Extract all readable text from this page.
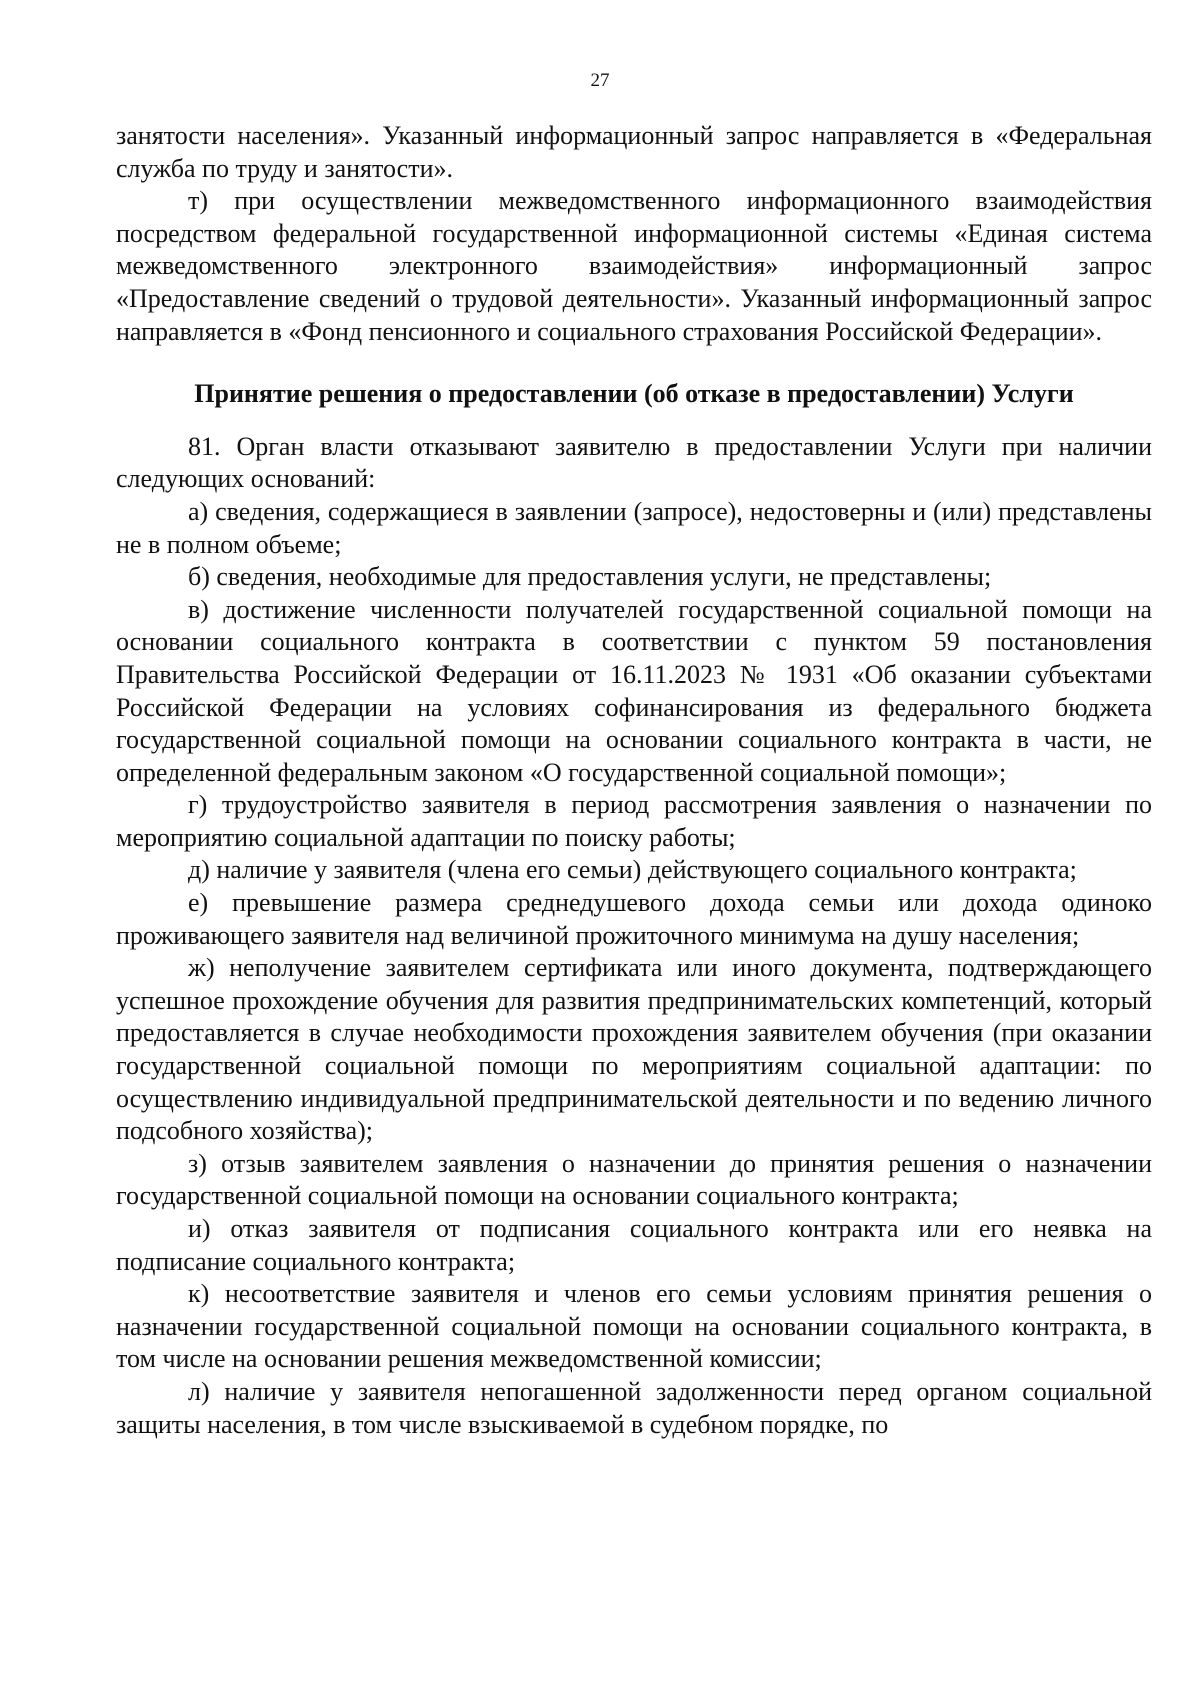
27

занятости населения». Указанный информационный запрос направляется в «Федеральная служба по труду и занятости».

т) при осуществлении межведомственного информационного взаимодействия посредством федеральной государственной информационной системы «Единая система межведомственного электронного взаимодействия» информационный запрос «Предоставление сведений о трудовой деятельности». Указанный информационный запрос направляется в «Фонд пенсионного и социального страхования Российской Федерации».

Принятие решения о предоставлении (об отказе в предоставлении) Услуги

81. Орган власти отказывают заявителю в предоставлении Услуги при наличии следующих оснований:

а) сведения, содержащиеся в заявлении (запросе), недостоверны и (или) представлены не в полном объеме;

б) сведения, необходимые для предоставления услуги, не представлены;

в) достижение численности получателей государственной социальной помощи на основании социального контракта в соответствии с пунктом 59 постановления Правительства Российской Федерации от 16.11.2023 № 1931 «Об оказании субъектами Российской Федерации на условиях софинансирования из федерального бюджета государственной социальной помощи на основании социального контракта в части, не определенной федеральным законом «О государственной социальной помощи»;

г) трудоустройство заявителя в период рассмотрения заявления о назначении по мероприятию социальной адаптации по поиску работы;

д) наличие у заявителя (члена его семьи) действующего социального контракта;

е) превышение размера среднедушевого дохода семьи или дохода одиноко проживающего заявителя над величиной прожиточного минимума на душу населения;

ж) неполучение заявителем сертификата или иного документа, подтверждающего успешное прохождение обучения для развития предпринимательских компетенций, который предоставляется в случае необходимости прохождения заявителем обучения (при оказании государственной социальной помощи по мероприятиям социальной адаптации: по осуществлению индивидуальной предпринимательской деятельности и по ведению личного подсобного хозяйства);

з) отзыв заявителем заявления о назначении до принятия решения о назначении государственной социальной помощи на основании социального контракта;

и) отказ заявителя от подписания социального контракта или его неявка на подписание социального контракта;

к) несоответствие заявителя и членов его семьи условиям принятия решения о назначении государственной социальной помощи на основании социального контракта, в том числе на основании решения межведомственной комиссии;

л) наличие у заявителя непогашенной задолженности перед органом социальной защиты населения, в том числе взыскиваемой в судебном порядке, по
